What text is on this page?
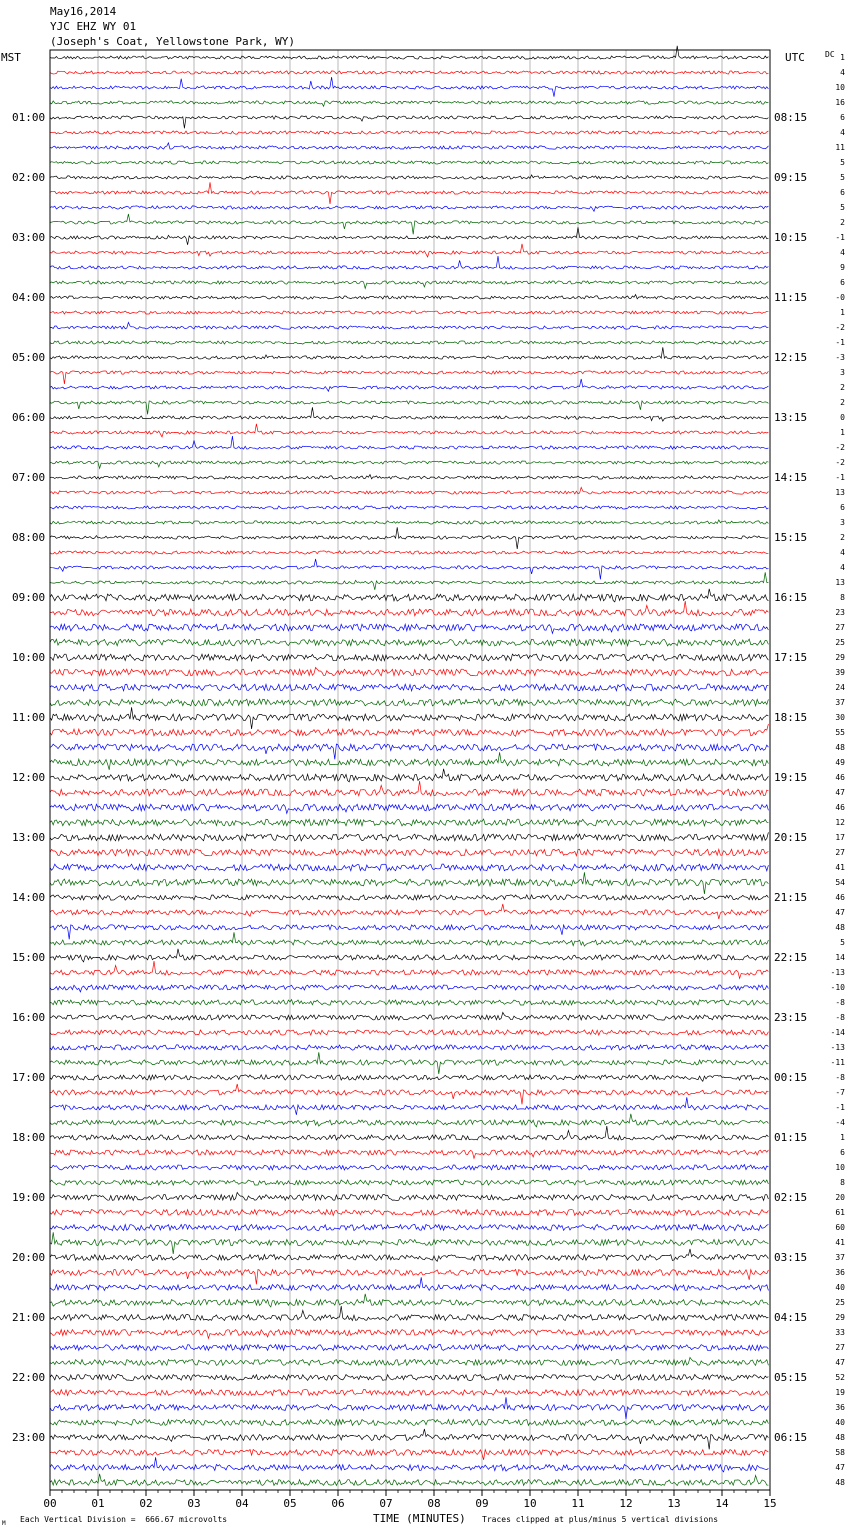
May16,2014
YJC EHZ WY 01
(Joseph's Coat, Yellowstone Park, WY)
MST	UTC	DC
00	01	02	03	04	05	06	07	08	09	10	11	12	13	14	15
01:00
02:00
03:00
04:00
05:00
06:00
07:00
08:00
09:00
10:00
11:00
12:00
13:00
14:00
15:00
16:00
17:00
18:00
19:00
20:00
21:00
22:00
23:00
08:15
09:15
10:15
11:15
12:15
13:15
14:15
15:15
16:15
17:15
18:15
19:15
20:15
21:15
22:15
23:15
00:15
01:15
02:15
03:15
04:15
05:15
06:15
1
4
10
16
6
4
11
5
5
6
5
2
-1
4
9
6
-0
1
-2
-1
-3
3
2
2
0
1
-2
-2
-1
13
6
3
2
4
4
13
8
23
27
25
29
39
24
37
30
55
48
49
46
47
46
12
17
27
41
54
46
47
48
5
14
-13
-10
-8
-8
-14
-13
-11
-8
-7
-1
-4
1
6
10
8
20
61
60
41
37
36
40
25
29
33
27
47
52
19
36
40
48
58
47
48
M Each Vertical Division =  666.67 microvolts	TIME (MINUTES) Traces clipped at plus/minus 5 vertical divisions
